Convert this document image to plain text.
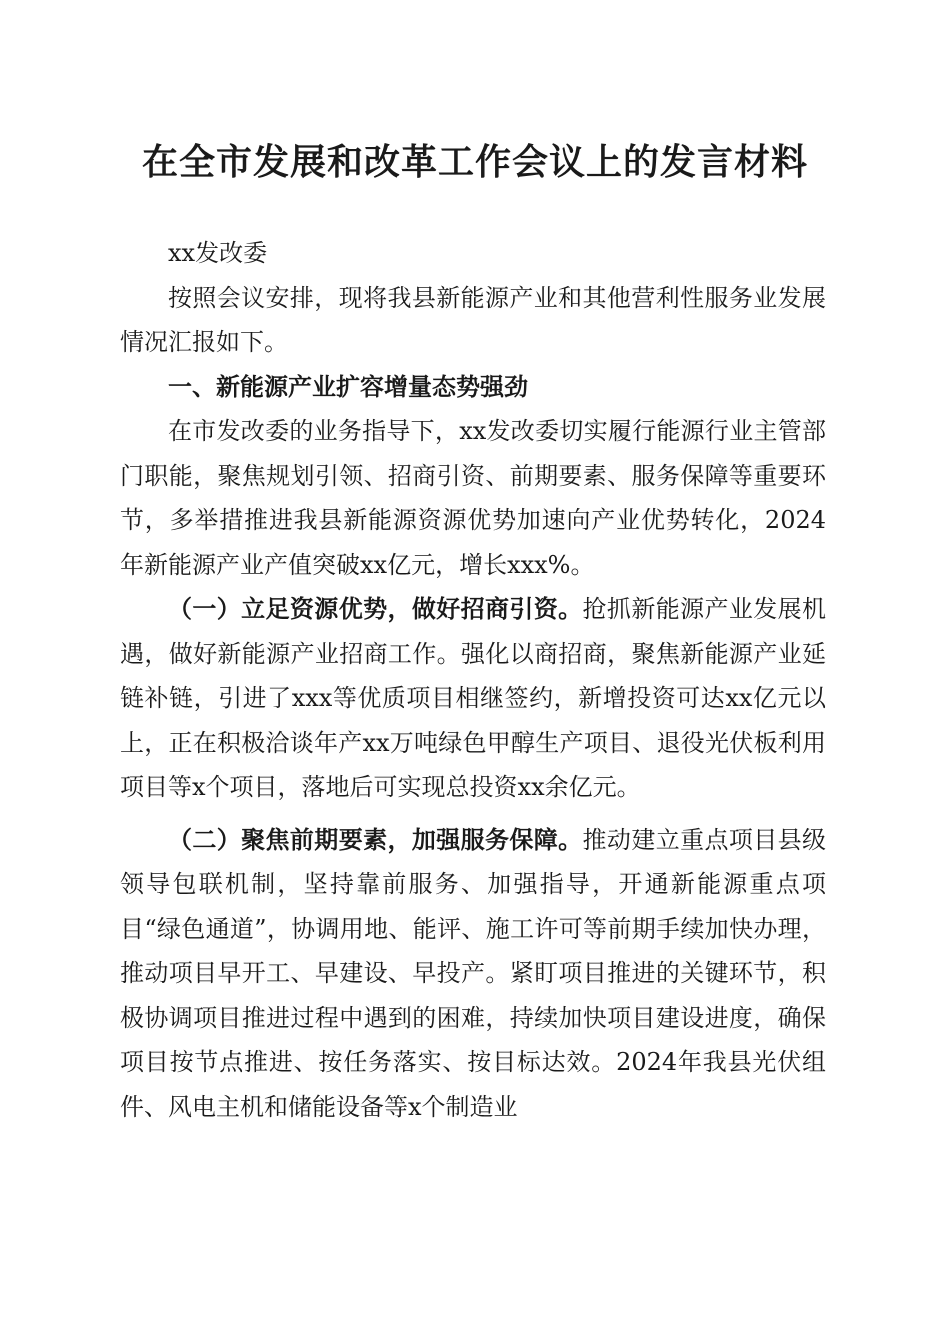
在全市发展和改革工作会议上的发言材料

xx发改委

按照会议安排，现将我县新能源产业和其他营利性服务业发展情况汇报如下。

一、新能源产业扩容增量态势强劲

在市发改委的业务指导下，xx发改委切实履行能源行业主管部门职能，聚焦规划引领、招商引资、前期要素、服务保障等重要环节，多举措推进我县新能源资源优势加速向产业优势转化，2024年新能源产业产值突破xx亿元，增长xxx%。

（一）立足资源优势，做好招商引资。抢抓新能源产业发展机遇，做好新能源产业招商工作。强化以商招商，聚焦新能源产业延链补链，引进了xxx等优质项目相继签约，新增投资可达xx亿元以上，正在积极洽谈年产xx万吨绿色甲醇生产项目、退役光伏板利用项目等x个项目，落地后可实现总投资xx余亿元。

（二）聚焦前期要素，加强服务保障。推动建立重点项目县级领导包联机制，坚持靠前服务、加强指导，开通新能源重点项目“绿色通道”，协调用地、能评、施工许可等前期手续加快办理，推动项目早开工、早建设、早投产。紧盯项目推进的关键环节，积极协调项目推进过程中遇到的困难，持续加快项目建设进度，确保项目按节点推进、按任务落实、按目标达效。2024年我县光伏组件、风电主机和储能设备等x个制造业
